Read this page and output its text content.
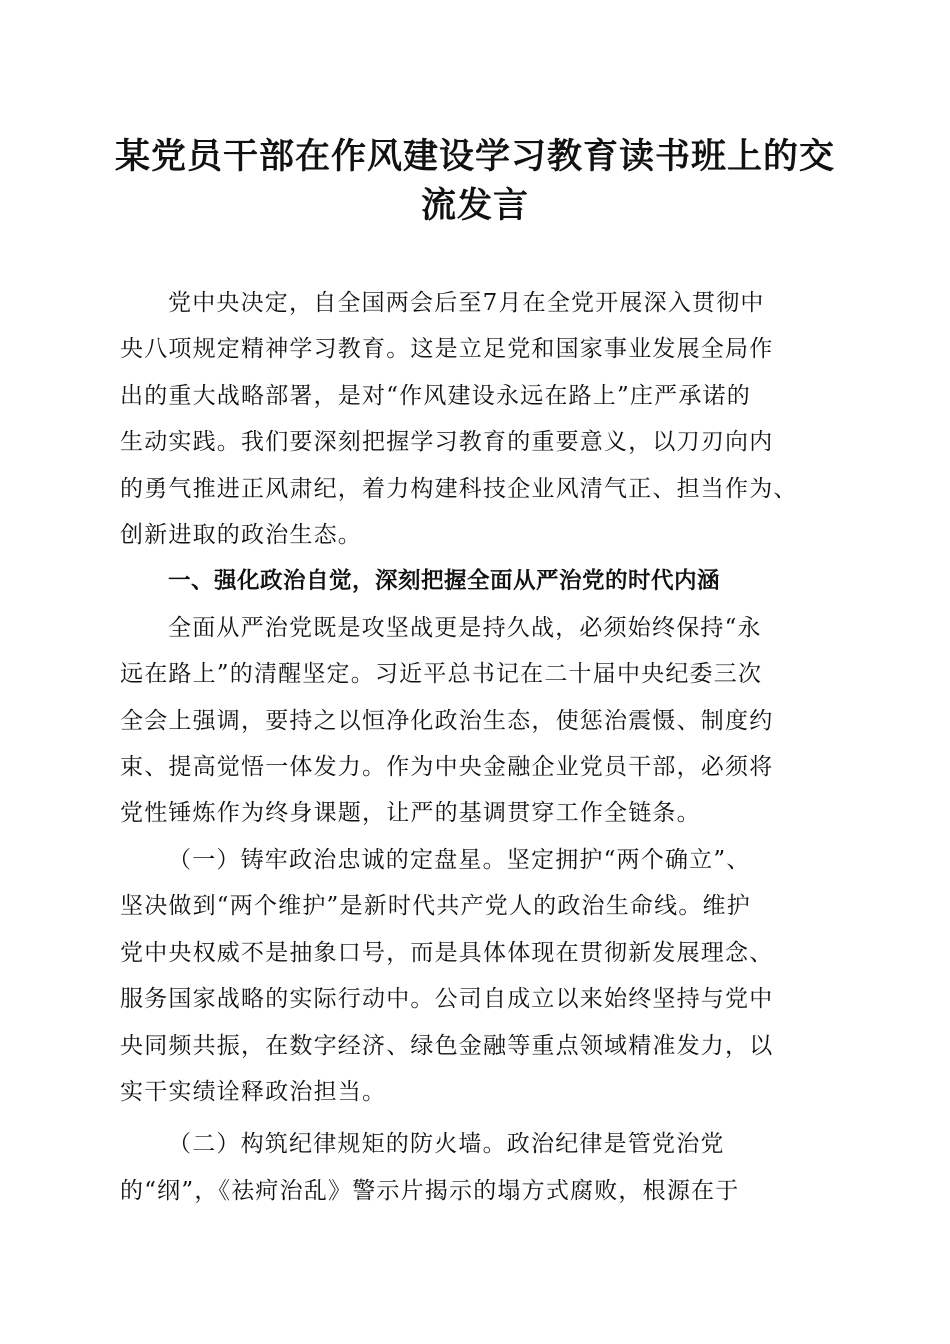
某党员干部在作风建设学习教育读书班上的交
流发言

党中央决定，自全国两会后至7月在全党开展深入贯彻中

央八项规定精神学习教育。这是立足党和国家事业发展全局作

出的重大战略部署，是对“作风建设永远在路上”庄严承诺的

生动实践。我们要深刻把握学习教育的重要意义，以刀刃向内

的勇气推进正风肃纪，着力构建科技企业风清气正、担当作为、

创新进取的政治生态。

一、强化政治自觉，深刻把握全面从严治党的时代内涵

全面从严治党既是攻坚战更是持久战，必须始终保持“永

远在路上”的清醒坚定。习近平总书记在二十届中央纪委三次

全会上强调，要持之以恒净化政治生态，使惩治震慑、制度约

束、提高觉悟一体发力。作为中央金融企业党员干部，必须将

党性锤炼作为终身课题，让严的基调贯穿工作全链条。

（一）铸牢政治忠诚的定盘星。坚定拥护“两个确立”、

坚决做到“两个维护”是新时代共产党人的政治生命线。维护

党中央权威不是抽象口号，而是具体体现在贯彻新发展理念、

服务国家战略的实际行动中。公司自成立以来始终坚持与党中

央同频共振，在数字经济、绿色金融等重点领域精准发力，以

实干实绩诠释政治担当。

（二）构筑纪律规矩的防火墙。政治纪律是管党治党

的“纲”，《祛疴治乱》警示片揭示的塌方式腐败，根源在于
